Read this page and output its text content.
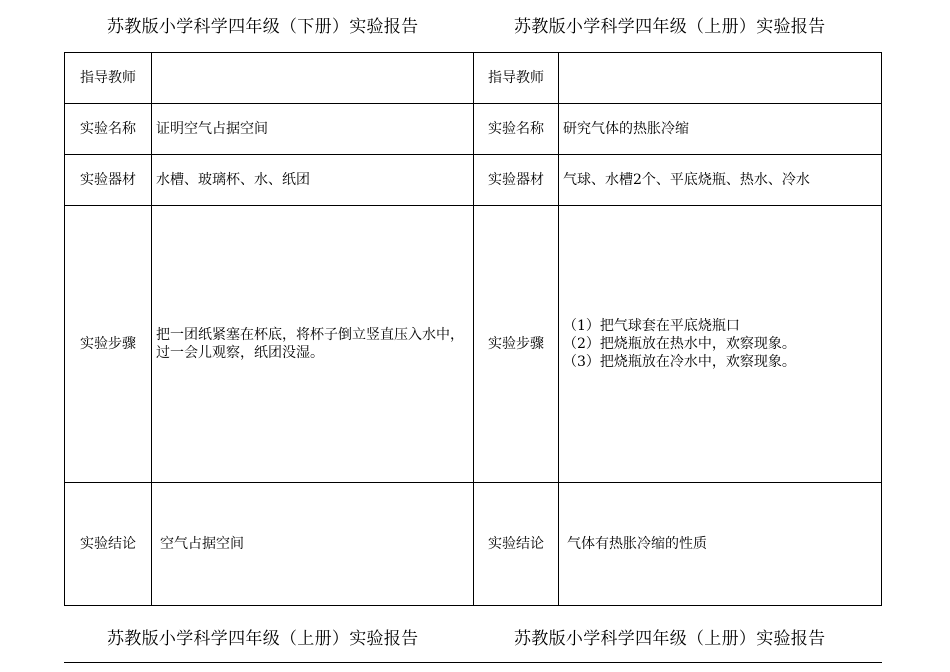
苏教版小学科学四年级（下册）实验报告	苏教版小学科学四年级（上册）实验报告
指导教师	
实验名称	证明空气占据空间
实验器材	水槽、玻璃杯、水、纸团
实验步骤	把一团纸紧塞在杯底，将杯子倒立竖直压入水中，过一会儿观察，纸团没湿。
实验结论	空气占据空间
指导教师	
实验名称	研究气体的热胀冷缩
实验器材	气球、水槽2个、平底烧瓶、热水、冷水
实验步骤	（1）把气球套在平底烧瓶口
（2）把烧瓶放在热水中，欢察现象。
（3）把烧瓶放在冷水中，欢察现象。

实验结论	气体有热胀冷缩的性质
苏教版小学科学四年级（上册）实验报告	苏教版小学科学四年级（上册）实验报告
